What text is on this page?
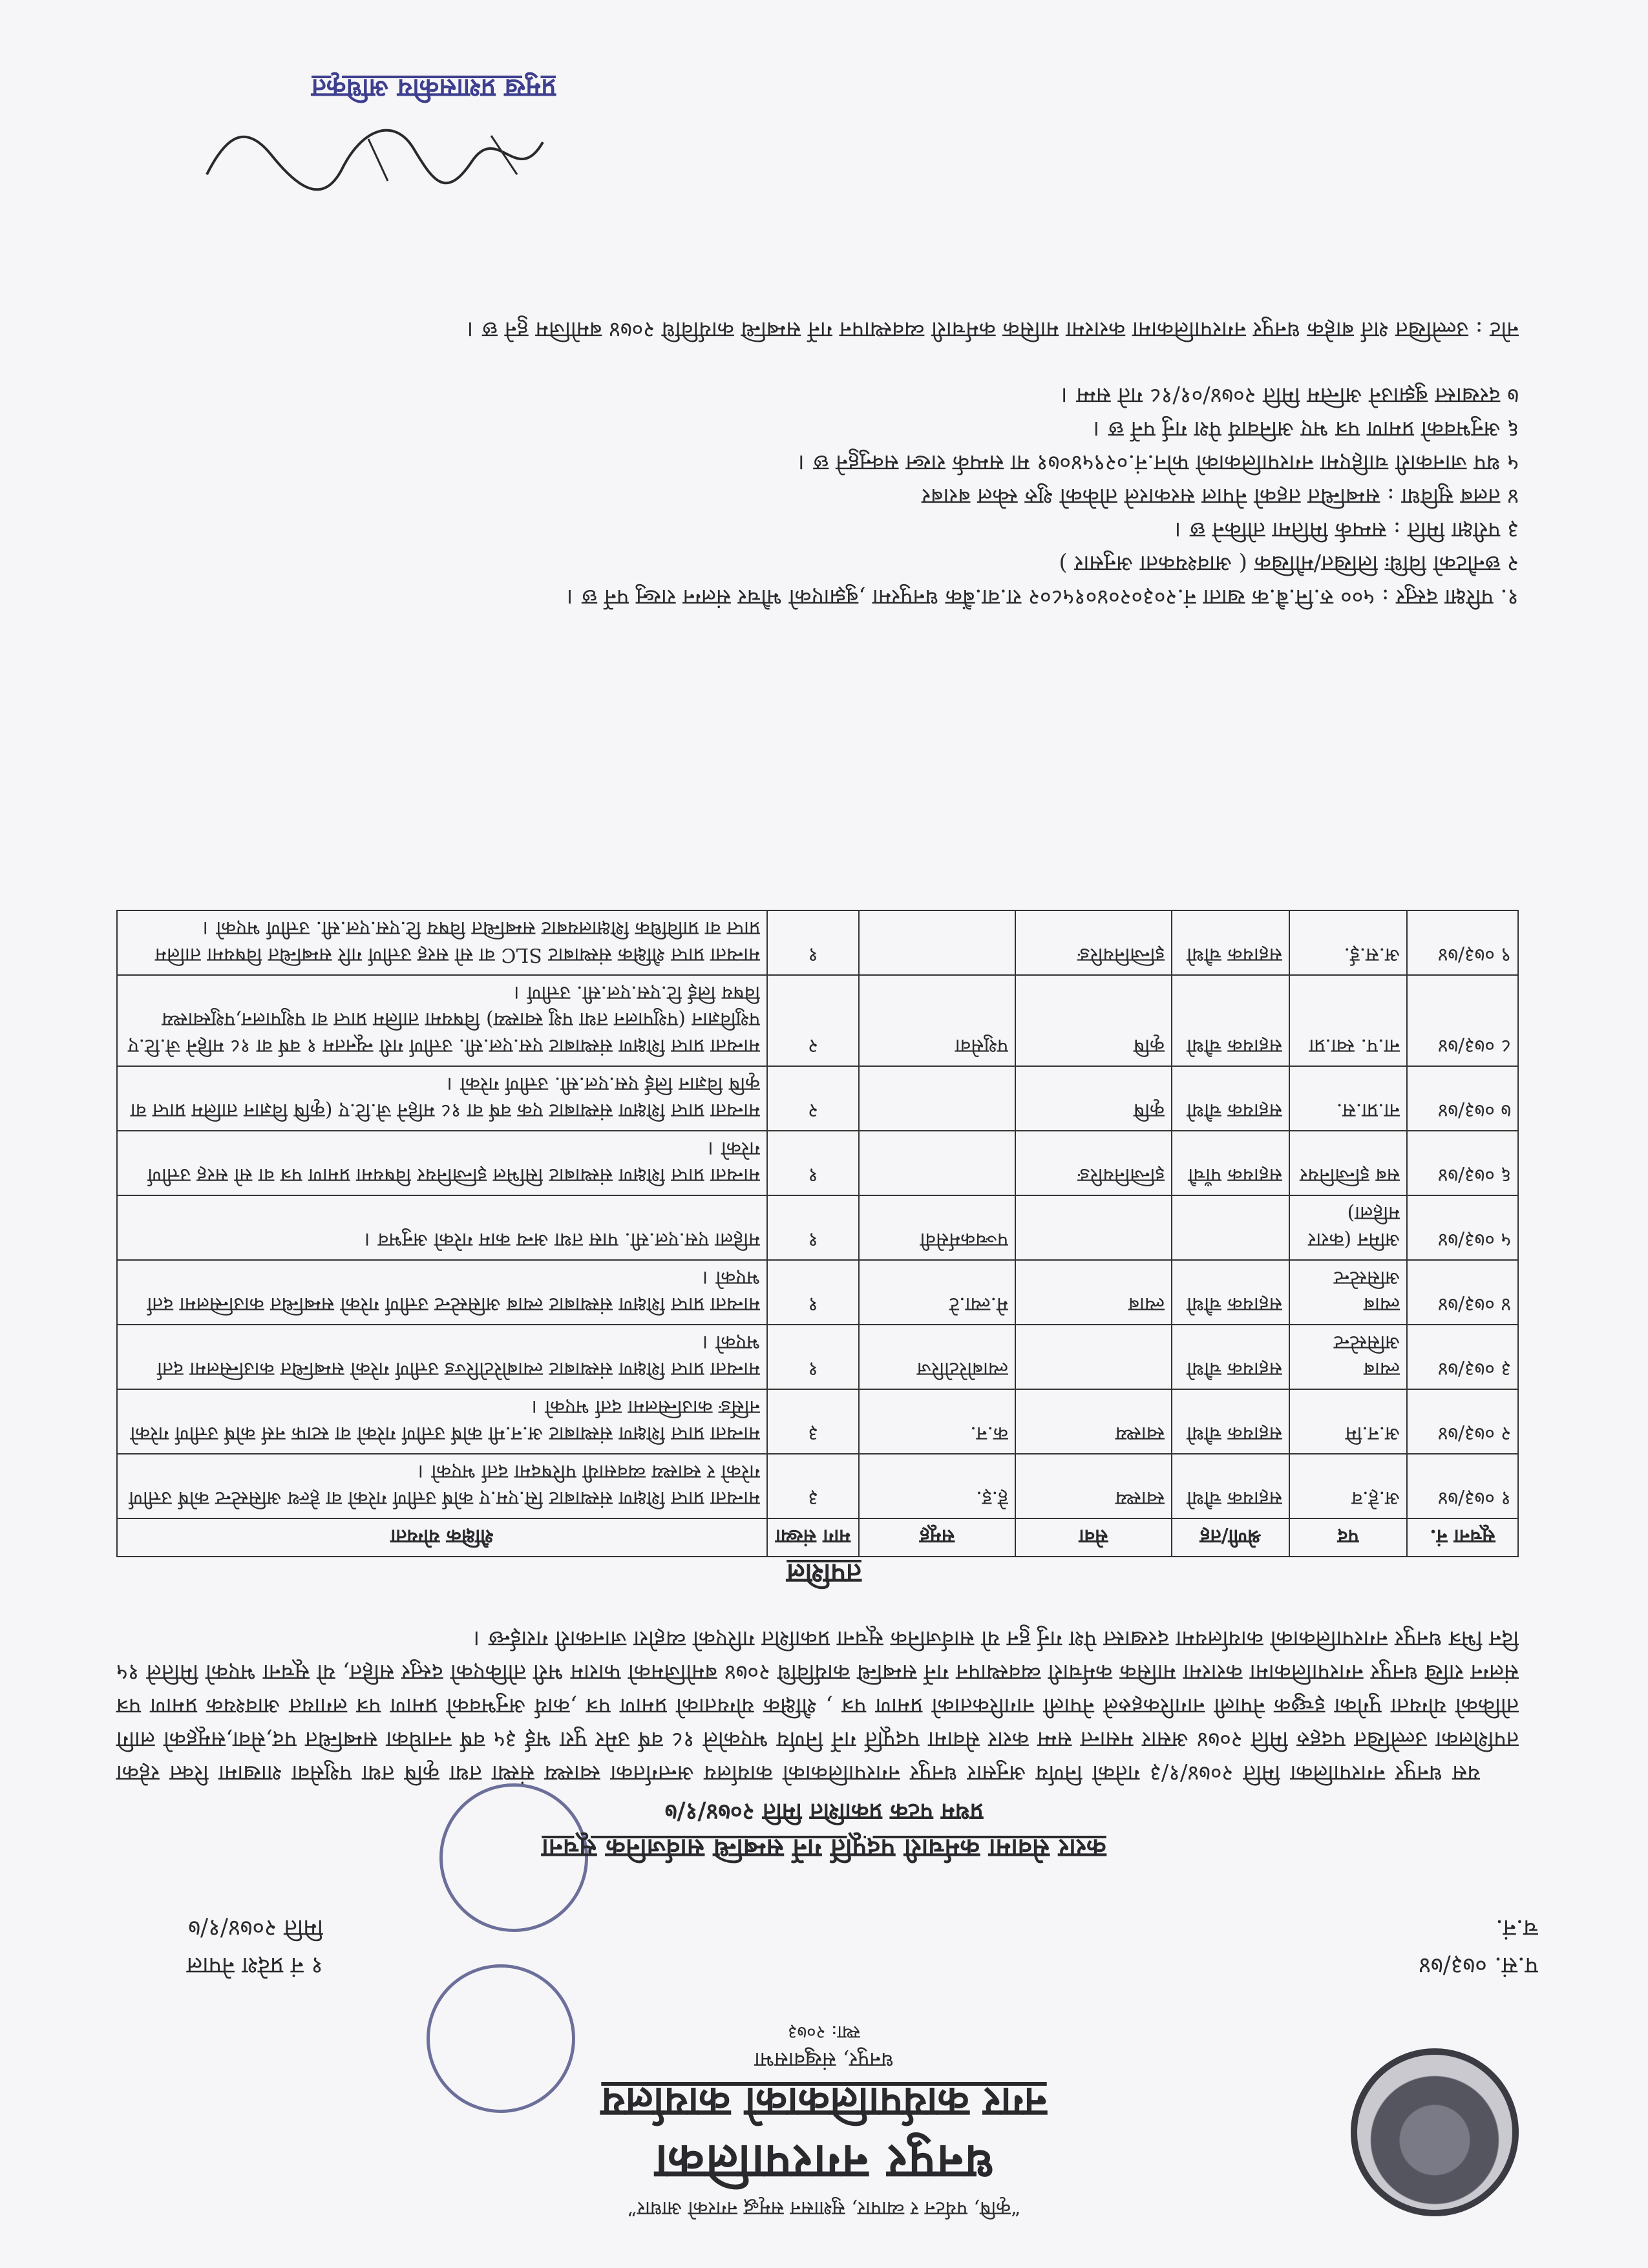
“कृषि, पर्यटन र व्यापार, सुशासन समृद्ध नगरको आधार”
धनपुर नगरपालिका
नगर कार्यपालिकाको कार्यालय
धनपुर, संखुवासभा
स्था: २०७३
प.सं. ०७३/७४
च.नं.
१ नं प्रदेश नेपाल
मिति २०७४/१/७
करार सेवामा कर्मचारी पदपूर्ति गर्ने सम्बन्धि सार्वजनिक सूचना
प्रथम पटक प्रकाशित मिति २०७४/१/७
यस धनपुर नगरपालिका मिति २०७४/१/३ गतेको निर्णय अनुसार धनपुर नगरपालिकाको कार्यालय अन्तर्गतका स्वास्थ्य संस्था तथा कृषि तथा पशुसेवा शाखामा रिक्त रहेका तपशिलका उल्लेखित पदहरु मिति २०७४ असार मसान्त सम्म करार सेवामा पदपूर्ति गर्ने निर्णय भएकोले १८ वर्ष उमेर पुरा भई ३५ वर्ष ननाघेका सम्बन्धित पद,सेवा,समूहको लागि तोकिको योग्यता पुगेका इच्छुक नेपाली नागरिकहरुले नेपाली नागरिकताको प्रमाण पत्र , शैक्षिक योग्यताको प्रमाण पत्र ,कार्य अनुभवको प्रमाण पत्र लगायत आवश्यक प्रमाण पत्र संलग्न राखि धनपुर नगरपालिकामा करारमा मासिक कर्मचारी व्यवस्थापन गर्ने सम्बन्धि कार्यविधि २०७४ बमोजिमको फाराम भरी तोकिएको दस्तुर सहित, यो सूचना भएको मितिले १५ दिन भित्र धनपुर नगरपालिकाको कार्यालयमा दरखास्त पेश गर्नु हुन यो सार्वजनिक सूचना प्रकाशित गरिएको व्यहोरा जानकारी गराईन्छ ।
तपशिल
सूचना नं.	पद	श्रेणी/तह	सेवा	समूह	माग संख्या	शैक्षिक योग्यता
१ ०७३/७४	अ.हे.व	सहायक चौथो	स्वास्थ्य	हे.इ.	३	मान्यता प्राप्त शिक्षण संस्थाबाट सि.एम.ए कोर्ष उत्तीर्ण गरेको वा हेल्थ असिस्टेन्ट कोर्ष उत्तीर्ण गरेको र स्वास्थ्य व्यवसायी परिषदमा दर्ता भएको ।
२ ०७३/७४	अ.न.मि	सहायक चौथो	स्वास्थ्य	क.न.	३	मान्यता प्राप्त शिक्षण संस्थाबाट अ.न.मी कोर्ष उत्तीर्ण गरेको वा स्टाफ नर्स कोर्ष उत्तीर्ण गरेको नर्सिङ काउन्सिलमा दर्ता भएको ।
३ ०७३/७४	ल्याब असिस्टेन्ट	सहायक चौथो		ल्याबोरेटोरिज	१	मान्यता प्राप्त शिक्षण संस्थाबाट ल्याबोरेटोरिज्ड उत्तीर्ण गरेको सम्बन्धित काउन्सिलमा दर्ता भएको ।
४ ०७३/७४	ल्याब असिस्टेन्ट	सहायक चौथो	ल्याब	मे.ल्या.टे	१	मान्यता प्राप्त शिक्षण संस्थाबाट ल्याब असिस्टेन्ट उत्तीर्ण गरेको सम्बन्धित काउन्सिलमा दर्ता भएको ।
५ ०७३/७४	अमिन (करार महिला)			पञ्चकर्मसेवी	१	महिला एस.एल.सी. पास तथा अन्य काम गरेको अनुभव ।
६ ०७३/७४	सब इन्जिनियर	सहायक पाँचौ	इन्जिनियरिङ		१	मान्यता प्राप्त शिक्षण संस्थाबाट सिभिल इन्जिनियर विषयमा प्रमाण पत्र वा सो सरह उत्तीर्ण गरेको ।
७ ०७३/७४	ना.प्रा.स.	सहायक चौथो	कृषि		२	मान्यता प्राप्त शिक्षण संस्थाबाट एक वर्ष वा १८ महिने जे.टि.ए (कृषि विज्ञान तालिम प्राप्त वा कृषि विज्ञान लिई एस.एल.सी. उत्तीर्ण गरेको ।
८ ०७३/७४	ना.प. स्वा.प्रा	सहायक चौथो	कृषि	पशुसेवा	२	मान्यता प्राप्त शिक्षण संस्थाबाट एस.एल.सी. उत्तीर्ण गरी न्यूनतम १ वर्ष वा १८ महिने जे.टि.ए पशुविज्ञान (पशुपालन तथा पशु स्वास्थ्य) विषयमा तालिम प्राप्त वा पशुपालन,पशुस्वास्थ्य विषय लिई टि.एस.एल.सी. उत्तीर्ण ।
९ ०७३/७४	अ.स.ई.	सहायक चौथो	इन्जिनियरिङ		१	मान्यता प्राप्त शैक्षिक संस्थाबाट SLC वा सो सरह उत्तीर्ण गरि सम्बन्धित विषयमा तालिम प्राप्त वा प्राविधिक शिक्षालयबाट सम्बन्धित विषय टि.एस.एल.सी. उत्तीर्ण भएको ।

१. परिक्षा दस्तुर : ५०० रु.नि.बै.क खाता नं.२०३०२०४०१५८०२ रा.वा.बैंक धनपुरमा ,बुझाएको भौचर संलग्न राख्नु पर्ने छ ।

२ छनौटको विधिः लिखित/मौखिक ( आवश्यकता अनुसार )

३ परीक्षा मिति : सम्पर्क मितिमा तोकिने छ ।

४ तलब सुविधा : सम्बन्धित तहको नेपाल सरकारले तोकेको शुरु स्केल बराबर

५ थप जानकारी चाहिएमा नगरपालिकाको फोन.नं.०२९५४०७१ मा सम्पर्क राख्न सक्नुहुने छ ।

६ अनुभवको प्रमाण पत्र भए अनिवार्य पेश गर्नु पर्ने छ ।

७ दरखास्त बुझाउने अन्तिम मिति २०७४/०१/१८ गते सम्म ।

नोट : उल्लेखित शर्त बाहेक धनपुर नगरपालिकामा करारमा मासिक कर्मचारी व्यवस्थापन गर्ने सम्बन्धि कार्यविधि २०७४ बमोजिम हुने छ ।
प्रमुख प्रशासकीय अधिकृत
